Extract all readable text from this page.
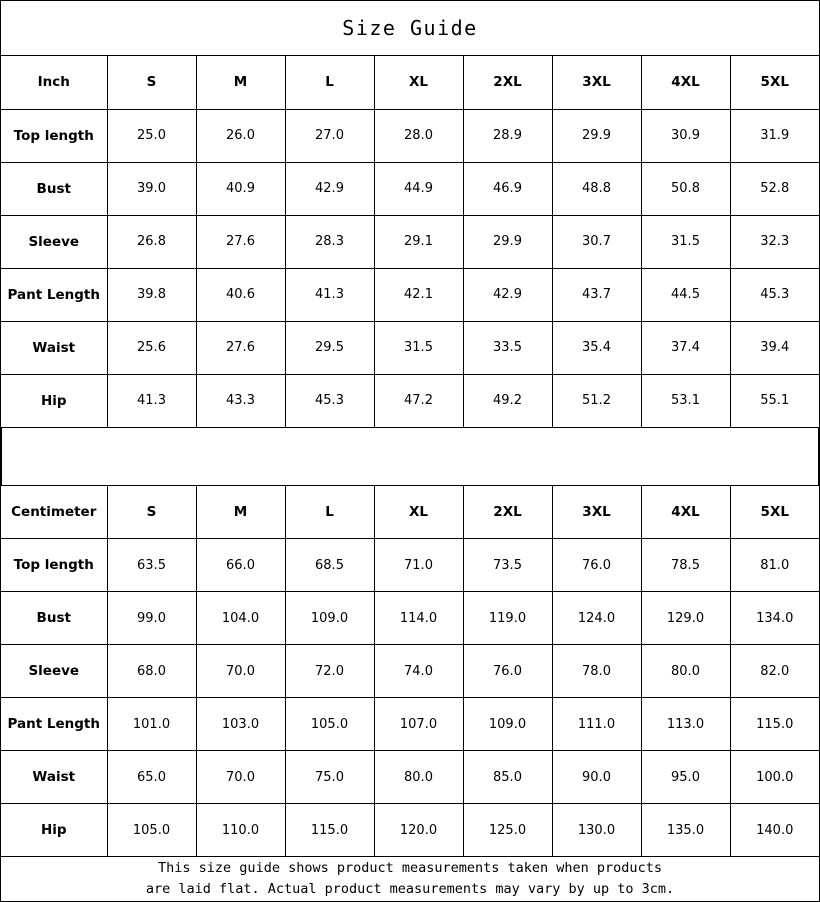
Size Guide
Inch	S	M	L	XL	2XL	3XL	4XL	5XL
Top length	25.0	26.0	27.0	28.0	28.9	29.9	30.9	31.9
Bust	39.0	40.9	42.9	44.9	46.9	48.8	50.8	52.8
Sleeve	26.8	27.6	28.3	29.1	29.9	30.7	31.5	32.3
Pant Length	39.8	40.6	41.3	42.1	42.9	43.7	44.5	45.3
Waist	25.6	27.6	29.5	31.5	33.5	35.4	37.4	39.4
Hip	41.3	43.3	45.3	47.2	49.2	51.2	53.1	55.1
Centimeter	S	M	L	XL	2XL	3XL	4XL	5XL
Top length	63.5	66.0	68.5	71.0	73.5	76.0	78.5	81.0
Bust	99.0	104.0	109.0	114.0	119.0	124.0	129.0	134.0
Sleeve	68.0	70.0	72.0	74.0	76.0	78.0	80.0	82.0
Pant Length	101.0	103.0	105.0	107.0	109.0	111.0	113.0	115.0
Waist	65.0	70.0	75.0	80.0	85.0	90.0	95.0	100.0
Hip	105.0	110.0	115.0	120.0	125.0	130.0	135.0	140.0
This size guide shows product measurements taken when products
are laid flat. Actual product measurements may vary by up to 3cm.
